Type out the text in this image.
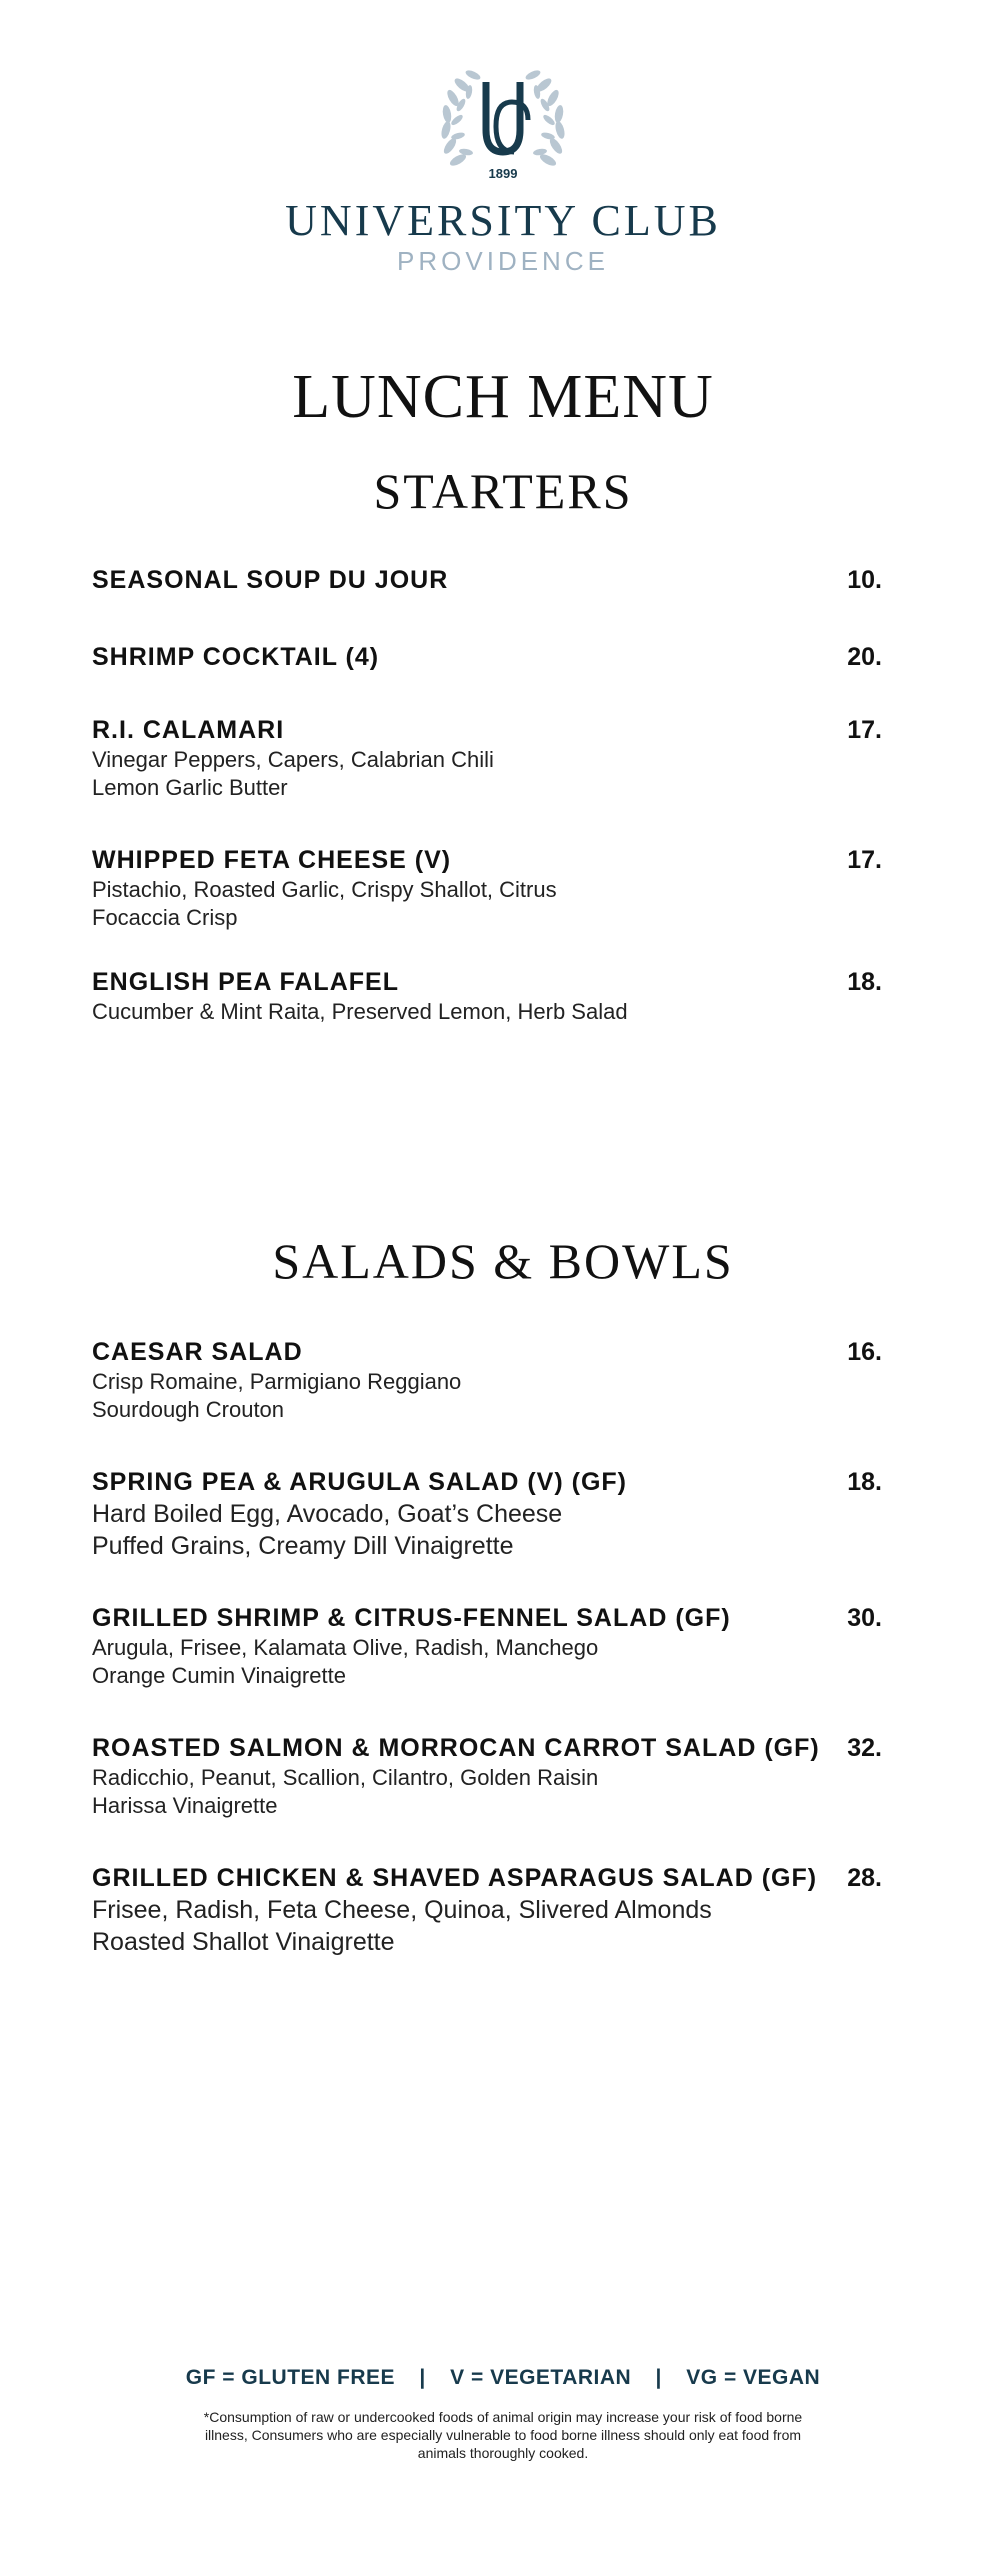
1899
UNIVERSITY CLUB
PROVIDENCE
LUNCH MENU
STARTERS
SEASONAL SOUP DU JOUR	10.
SHRIMP COCKTAIL (4)	20.
R.I. CALAMARI	17.
Vinegar Peppers, Capers, Calabrian Chili
Lemon Garlic Butter
WHIPPED FETA CHEESE (V)	17.
Pistachio, Roasted Garlic, Crispy Shallot, Citrus
Focaccia Crisp
ENGLISH PEA FALAFEL	18.
Cucumber & Mint Raita, Preserved Lemon, Herb Salad
SALADS & BOWLS
CAESAR SALAD	16.
Crisp Romaine, Parmigiano Reggiano
Sourdough Crouton
SPRING PEA & ARUGULA SALAD (V) (GF)	18.
Hard Boiled Egg, Avocado, Goat’s Cheese
Puffed Grains, Creamy Dill Vinaigrette
GRILLED SHRIMP & CITRUS-FENNEL SALAD (GF)	30.
Arugula, Frisee, Kalamata Olive, Radish, Manchego
Orange Cumin Vinaigrette
ROASTED SALMON & MORROCAN CARROT SALAD (GF)	32.
Radicchio, Peanut, Scallion, Cilantro, Golden Raisin
Harissa Vinaigrette
GRILLED CHICKEN & SHAVED ASPARAGUS SALAD (GF)	28.
Frisee, Radish, Feta Cheese, Quinoa, Slivered Almonds
Roasted Shallot Vinaigrette
GF = GLUTEN FREE | V = VEGETARIAN | VG = VEGAN
*Consumption of raw or undercooked foods of animal origin may increase your risk of food borne illness, Consumers who are especially vulnerable to food borne illness should only eat food from animals thoroughly cooked.
